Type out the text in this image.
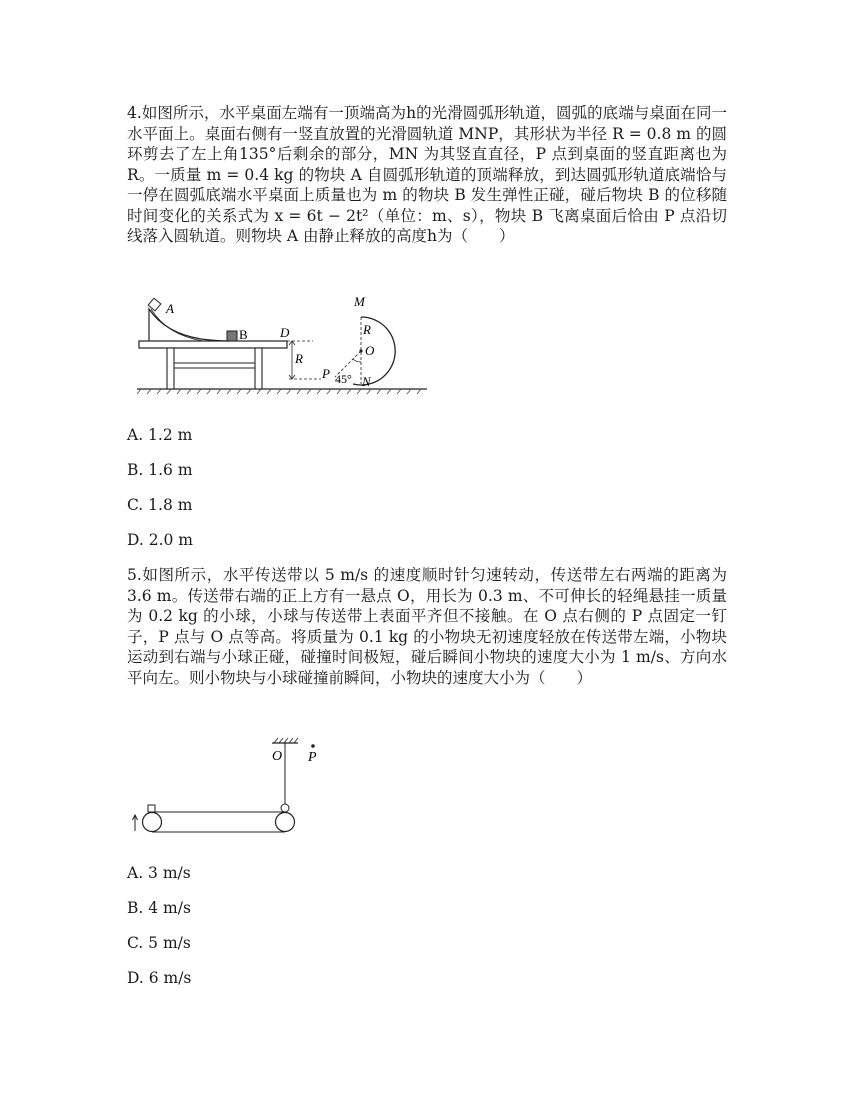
4.如图所示，水平桌面左端有一顶端高为h的光滑圆弧形轨道，圆弧的底端与桌面在同一水平面上。桌面右侧有一竖直放置的光滑圆轨道 MNP，其形状为半径 R = 0.8 m 的圆环剪去了左上角135°后剩余的部分，MN 为其竖直直径，P 点到桌面的竖直距离也为 R。一质量 m = 0.4 kg 的物块 A 自圆弧形轨道的顶端释放，到达圆弧形轨道底端恰与一停在圆弧底端水平桌面上质量也为 m 的物块 B 发生弹性正碰，碰后物块 B 的位移随时间变化的关系式为 x = 6t − 2t²（单位：m、s），物块 B 飞离桌面后恰由 P 点沿切线落入圆轨道。则物块 A 由静止释放的高度h为（　　）

A
B D
R
M
R
O
P 45° N
A. 1.2 m
B. 1.6 m
C. 1.8 m
D. 2.0 m

5.如图所示，水平传送带以 5 m/s 的速度顺时针匀速转动，传送带左右两端的距离为 3.6 m。传送带右端的正上方有一悬点 O，用长为 0.3 m、不可伸长的轻绳悬挂一质量为 0.2 kg 的小球，小球与传送带上表面平齐但不接触。在 O 点右侧的 P 点固定一钉子，P 点与 O 点等高。将质量为 0.1 kg 的小物块无初速度轻放在传送带左端，小物块运动到右端与小球正碰，碰撞时间极短，碰后瞬间小物块的速度大小为 1 m/s、方向水平向左。则小物块与小球碰撞前瞬间，小物块的速度大小为（　　）

O P
A. 3 m/s
B. 4 m/s
C. 5 m/s
D. 6 m/s
